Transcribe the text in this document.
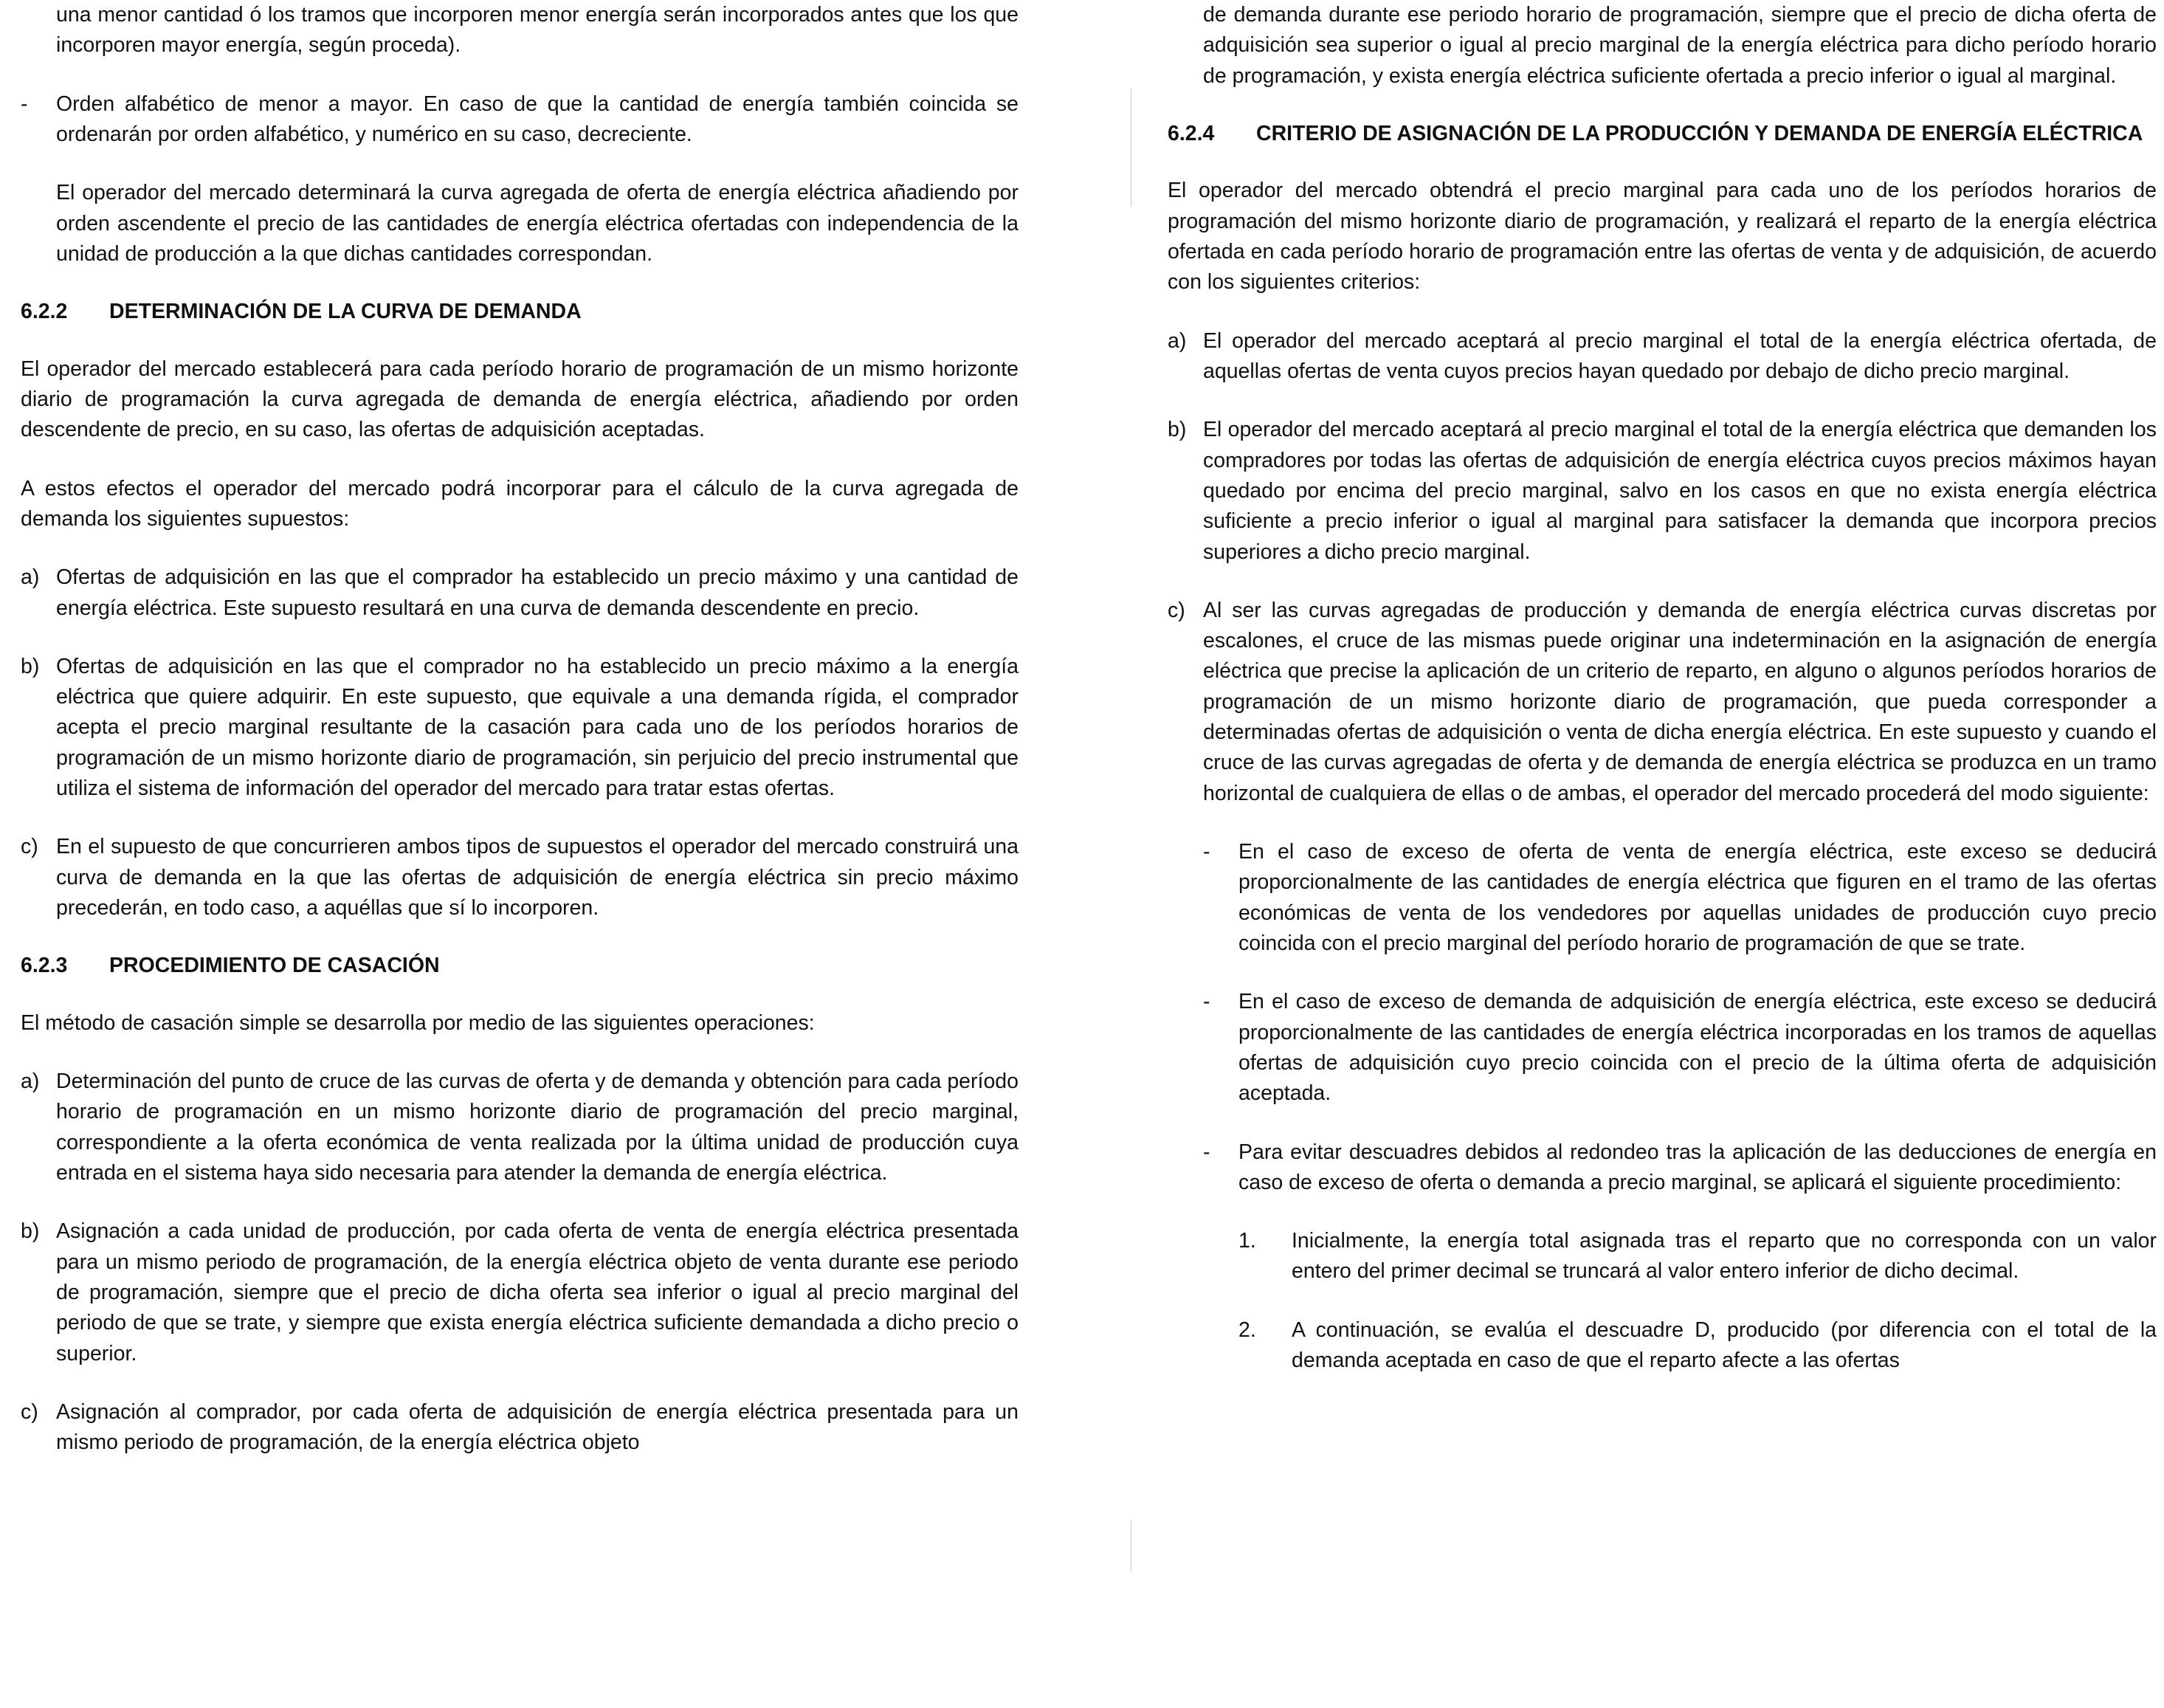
una menor cantidad ó los tramos que incorporen menor energía serán incorporados antes que los que incorporen mayor energía, según proceda).

-	Orden alfabético de menor a mayor. En caso de que la cantidad de energía también coincida se ordenarán por orden alfabético, y numérico en su caso, decreciente.

El operador del mercado determinará la curva agregada de oferta de energía eléctrica añadiendo por orden ascendente el precio de las cantidades de energía eléctrica ofertadas con independencia de la unidad de producción a la que dichas cantidades correspondan.

6.2.2	DETERMINACIÓN DE LA CURVA DE DEMANDA

El operador del mercado establecerá para cada período horario de programación de un mismo horizonte diario de programación la curva agregada de demanda de energía eléctrica, añadiendo por orden descendente de precio, en su caso, las ofertas de adquisición aceptadas.

A estos efectos el operador del mercado podrá incorporar para el cálculo de la curva agregada de demanda los siguientes supuestos:

a) Ofertas de adquisición en las que el comprador ha establecido un precio máximo y una cantidad de energía eléctrica. Este supuesto resultará en una curva de demanda descendente en precio.
b) Ofertas de adquisición en las que el comprador no ha establecido un precio máximo a la energía eléctrica que quiere adquirir. En este supuesto, que equivale a una demanda rígida, el comprador acepta el precio marginal resultante de la casación para cada uno de los períodos horarios de programación de un mismo horizonte diario de programación, sin perjuicio del precio instrumental que utiliza el sistema de información del operador del mercado para tratar estas ofertas.
c) En el supuesto de que concurrieren ambos tipos de supuestos el operador del mercado construirá una curva de demanda en la que las ofertas de adquisición de energía eléctrica sin precio máximo precederán, en todo caso, a aquéllas que sí lo incorporen.
6.2.3	PROCEDIMIENTO DE CASACIÓN

El método de casación simple se desarrolla por medio de las siguientes operaciones:

a) Determinación del punto de cruce de las curvas de oferta y de demanda y obtención para cada período horario de programación en un mismo horizonte diario de programación del precio marginal, correspondiente a la oferta económica de venta realizada por la última unidad de producción cuya entrada en el sistema haya sido necesaria para atender la demanda de energía eléctrica.
b) Asignación a cada unidad de producción, por cada oferta de venta de energía eléctrica presentada para un mismo periodo de programación, de la energía eléctrica objeto de venta durante ese periodo de programación, siempre que el precio de dicha oferta sea inferior o igual al precio marginal del periodo de que se trate, y siempre que exista energía eléctrica suficiente demandada a dicho precio o superior.
c) Asignación al comprador, por cada oferta de adquisición de energía eléctrica presentada para un mismo periodo de programación, de la energía eléctrica objeto

de demanda durante ese periodo horario de programación, siempre que el precio de dicha oferta de adquisición sea superior o igual al precio marginal de la energía eléctrica para dicho período horario de programación, y exista energía eléctrica suficiente ofertada a precio inferior o igual al marginal.

6.2.4	CRITERIO DE ASIGNACIÓN DE LA PRODUCCIÓN Y DEMANDA DE ENERGÍA ELÉCTRICA

El operador del mercado obtendrá el precio marginal para cada uno de los períodos horarios de programación del mismo horizonte diario de programación, y realizará el reparto de la energía eléctrica ofertada en cada período horario de programación entre las ofertas de venta y de adquisición, de acuerdo con los siguientes criterios:

a) El operador del mercado aceptará al precio marginal el total de la energía eléctrica ofertada, de aquellas ofertas de venta cuyos precios hayan quedado por debajo de dicho precio marginal.
b) El operador del mercado aceptará al precio marginal el total de la energía eléctrica que demanden los compradores por todas las ofertas de adquisición de energía eléctrica cuyos precios máximos hayan quedado por encima del precio marginal, salvo en los casos en que no exista energía eléctrica suficiente a precio inferior o igual al marginal para satisfacer la demanda que incorpora precios superiores a dicho precio marginal.
c) Al ser las curvas agregadas de producción y demanda de energía eléctrica curvas discretas por escalones, el cruce de las mismas puede originar una indeterminación en la asignación de energía eléctrica que precise la aplicación de un criterio de reparto, en alguno o algunos períodos horarios de programación de un mismo horizonte diario de programación, que pueda corresponder a determinadas ofertas de adquisición o venta de dicha energía eléctrica. En este supuesto y cuando el cruce de las curvas agregadas de oferta y de demanda de energía eléctrica se produzca en un tramo horizontal de cualquiera de ellas o de ambas, el operador del mercado procederá del modo siguiente:
-	En el caso de exceso de oferta de venta de energía eléctrica, este exceso se deducirá proporcionalmente de las cantidades de energía eléctrica que figuren en el tramo de las ofertas económicas de venta de los vendedores por aquellas unidades de producción cuyo precio coincida con el precio marginal del período horario de programación de que se trate.
-	En el caso de exceso de demanda de adquisición de energía eléctrica, este exceso se deducirá proporcionalmente de las cantidades de energía eléctrica incorporadas en los tramos de aquellas ofertas de adquisición cuyo precio coincida con el precio de la última oferta de adquisición aceptada.
-	Para evitar descuadres debidos al redondeo tras la aplicación de las deducciones de energía en caso de exceso de oferta o demanda a precio marginal, se aplicará el siguiente procedimiento:
1.	Inicialmente, la energía total asignada tras el reparto que no corresponda con un valor entero del primer decimal se truncará al valor entero inferior de dicho decimal.
2.	A continuación, se evalúa el descuadre D, producido (por diferencia con el total de la demanda aceptada en caso de que el reparto afecte a las ofertas
